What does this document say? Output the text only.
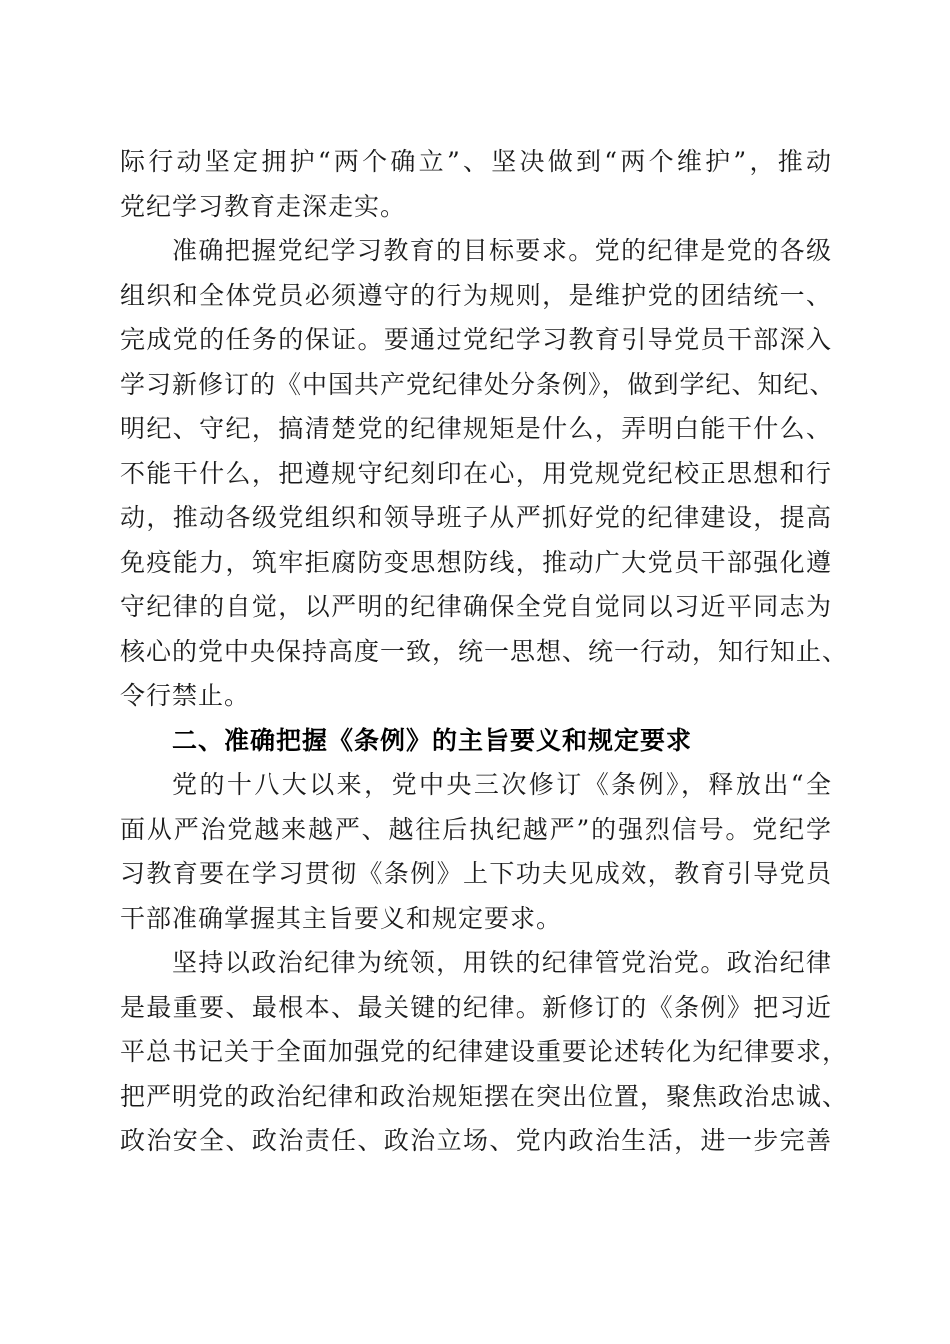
际行动坚定拥护“两个确立”、坚决做到“两个维护”，推动
党纪学习教育走深走实。
准确把握党纪学习教育的目标要求。党的纪律是党的各级
组织和全体党员必须遵守的行为规则，是维护党的团结统一、
完成党的任务的保证。要通过党纪学习教育引导党员干部深入
学习新修订的《中国共产党纪律处分条例》，做到学纪、知纪、
明纪、守纪，搞清楚党的纪律规矩是什么，弄明白能干什么、
不能干什么，把遵规守纪刻印在心，用党规党纪校正思想和行
动，推动各级党组织和领导班子从严抓好党的纪律建设，提高
免疫能力，筑牢拒腐防变思想防线，推动广大党员干部强化遵
守纪律的自觉，以严明的纪律确保全党自觉同以习近平同志为
核心的党中央保持高度一致，统一思想、统一行动，知行知止、
令行禁止。
二、准确把握《条例》的主旨要义和规定要求
党的十八大以来，党中央三次修订《条例》，释放出“全
面从严治党越来越严、越往后执纪越严”的强烈信号。党纪学
习教育要在学习贯彻《条例》上下功夫见成效，教育引导党员
干部准确掌握其主旨要义和规定要求。
坚持以政治纪律为统领，用铁的纪律管党治党。政治纪律
是最重要、最根本、最关键的纪律。新修订的《条例》把习近
平总书记关于全面加强党的纪律建设重要论述转化为纪律要求，
把严明党的政治纪律和政治规矩摆在突出位置，聚焦政治忠诚、
政治安全、政治责任、政治立场、党内政治生活，进一步完善
